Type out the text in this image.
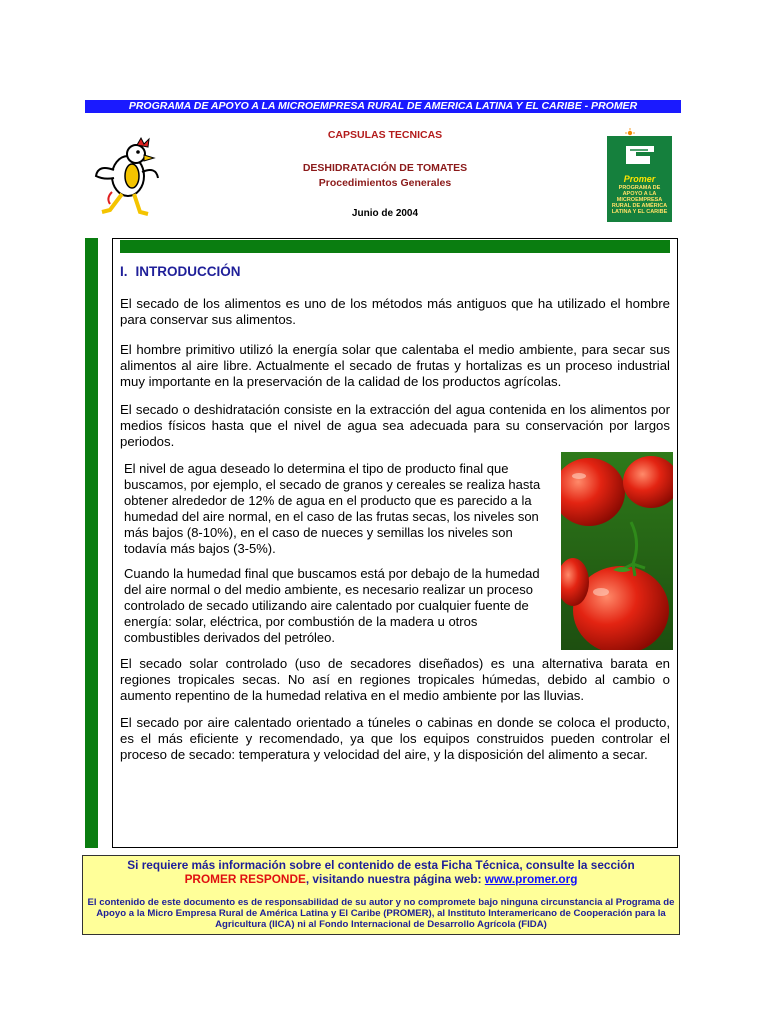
PROGRAMA DE APOYO A LA MICROEMPRESA RURAL DE AMERICA LATINA Y EL CARIBE - PROMER
CAPSULAS TECNICAS
DESHIDRATACIÓN DE TOMATES
Procedimientos Generales
Junio de 2004
Promer
PROGRAMA DE APOYO A LA MICROEMPRESA RURAL DE AMÉRICA LATINA Y EL CARIBE
I. INTRODUCCIÓN
El secado de los alimentos es uno de los métodos más antiguos que ha utilizado el hombre para conservar sus alimentos.
El hombre primitivo utilizó la energía solar que calentaba el medio ambiente, para secar sus alimentos al aire libre. Actualmente el secado de frutas y hortalizas es un proceso industrial muy importante en la preservación de la calidad de los productos agrícolas.
El secado o deshidratación consiste en la extracción del agua contenida en los alimentos por medios físicos hasta que el nivel de agua sea adecuada para su conservación por largos periodos.
El nivel de agua deseado lo determina el tipo de producto final que buscamos, por ejemplo, el secado de granos y cereales se realiza hasta obtener alrededor de 12% de agua en el producto que es parecido a la humedad del aire normal, en el caso de las frutas secas, los niveles son más bajos (8-10%), en el caso de nueces y semillas los niveles son todavía más bajos (3-5%).
Cuando la humedad final que buscamos está por debajo de la humedad del aire normal o del medio ambiente, es necesario realizar un proceso controlado de secado utilizando aire calentado por cualquier fuente de energía: solar, eléctrica, por combustión de la madera u otros combustibles derivados del petróleo.
El secado solar controlado (uso de secadores diseñados) es una alternativa barata en regiones tropicales secas. No así en regiones tropicales húmedas, debido al cambio o aumento repentino de la humedad relativa en el medio ambiente por las lluvias.
El secado por aire calentado orientado a túneles o cabinas en donde se coloca el producto, es el más eficiente y recomendado, ya que los equipos construidos pueden controlar el proceso de secado: temperatura y velocidad del aire, y la disposición del alimento a secar.
Si requiere más información sobre el contenido de esta Ficha Técnica, consulte la sección
PROMER RESPONDE, visitando nuestra página web: www.promer.org
El contenido de este documento es de responsabilidad de su autor y no compromete bajo ninguna circunstancia al Programa de Apoyo a la Micro Empresa Rural de América Latina y El Caribe (PROMER), al Instituto Interamericano de Cooperación para la Agricultura (IICA) ni al Fondo Internacional de Desarrollo Agrícola (FIDA)
